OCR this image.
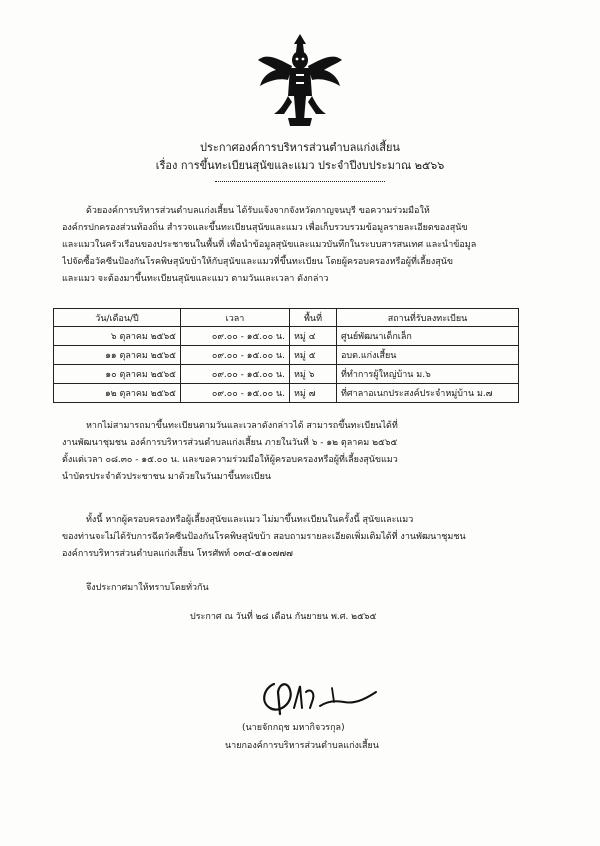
ประกาศองค์การบริหารส่วนตำบลแก่งเสี้ยน
เรื่อง การขึ้นทะเบียนสุนัขและแมว ประจำปีงบประมาณ ๒๕๖๖
ด้วยองค์การบริหารส่วนตำบลแก่งเสี้ยน ได้รับแจ้งจากจังหวัดกาญจนบุรี ขอความร่วมมือให้
องค์กรปกครองส่วนท้องถิ่น สำรวจและขึ้นทะเบียนสุนัขและแมว เพื่อเก็บรวบรวมข้อมูลรายละเอียดของสุนัข
และแมวในครัวเรือนของประชาชนในพื้นที่ เพื่อนำข้อมูลสุนัขและแมวบันทึกในระบบสารสนเทศ และนำข้อมูล
ไปจัดซื้อวัคซีนป้องกันโรคพิษสุนัขบ้าให้กับสุนัขและแมวที่ขึ้นทะเบียน โดยผู้ครอบครองหรือผู้ที่เลี้ยงสุนัข
และแมว จะต้องมาขึ้นทะเบียนสุนัขและแมว ตามวันและเวลา ดังกล่าว
วัน/เดือน/ปี	เวลา	พื้นที่	สถานที่รับลงทะเบียน
๖ ตุลาคม ๒๕๖๕	๐๙.๐๐ - ๑๕.๐๐ น.	หมู่ ๔	ศูนย์พัฒนาเด็กเล็ก
๑๑ ตุลาคม ๒๕๖๕	๐๙.๐๐ - ๑๕.๐๐ น.	หมู่ ๕	อบต.แก่งเสี้ยน
๑๐ ตุลาคม ๒๕๖๕	๐๙.๐๐ - ๑๕.๐๐ น.	หมู่ ๖	ที่ทำการผู้ใหญ่บ้าน ม.๖
๑๒ ตุลาคม ๒๕๖๕	๐๙.๐๐ - ๑๕.๐๐ น.	หมู่ ๗	ที่ศาลาอเนกประสงค์ประจำหมู่บ้าน ม.๗
หากไม่สามารถมาขึ้นทะเบียนตามวันและเวลาดังกล่าวได้ สามารถขึ้นทะเบียนได้ที่
งานพัฒนาชุมชน องค์การบริหารส่วนตำบลแก่งเสี้ยน ภายในวันที่ ๖ - ๑๒ ตุลาคม ๒๕๖๕
ตั้งแต่เวลา ๐๘.๓๐ - ๑๕.๐๐ น. และขอความร่วมมือให้ผู้ครอบครองหรือผู้ที่เลี้ยงสุนัขแมว
นำบัตรประจำตัวประชาชน มาด้วยในวันมาขึ้นทะเบียน
ทั้งนี้ หากผู้ครอบครองหรือผู้เลี้ยงสุนัขและแมว ไม่มาขึ้นทะเบียนในครั้งนี้ สุนัขและแมว
ของท่านจะไม่ได้รับการฉีดวัคซีนป้องกันโรคพิษสุนัขบ้า สอบถามรายละเอียดเพิ่มเติมได้ที่ งานพัฒนาชุมชน
องค์การบริหารส่วนตำบลแก่งเสี้ยน โทรศัพท์ ๐๓๔-๕๑๐๗๗๗
จึงประกาศมาให้ทราบโดยทั่วกัน
ประกาศ ณ วันที่ ๒๘ เดือน กันยายน พ.ศ. ๒๕๖๕
(นายจักกฤช มหากิจวรกุล)
นายกองค์การบริหารส่วนตำบลแก่งเสี้ยน
